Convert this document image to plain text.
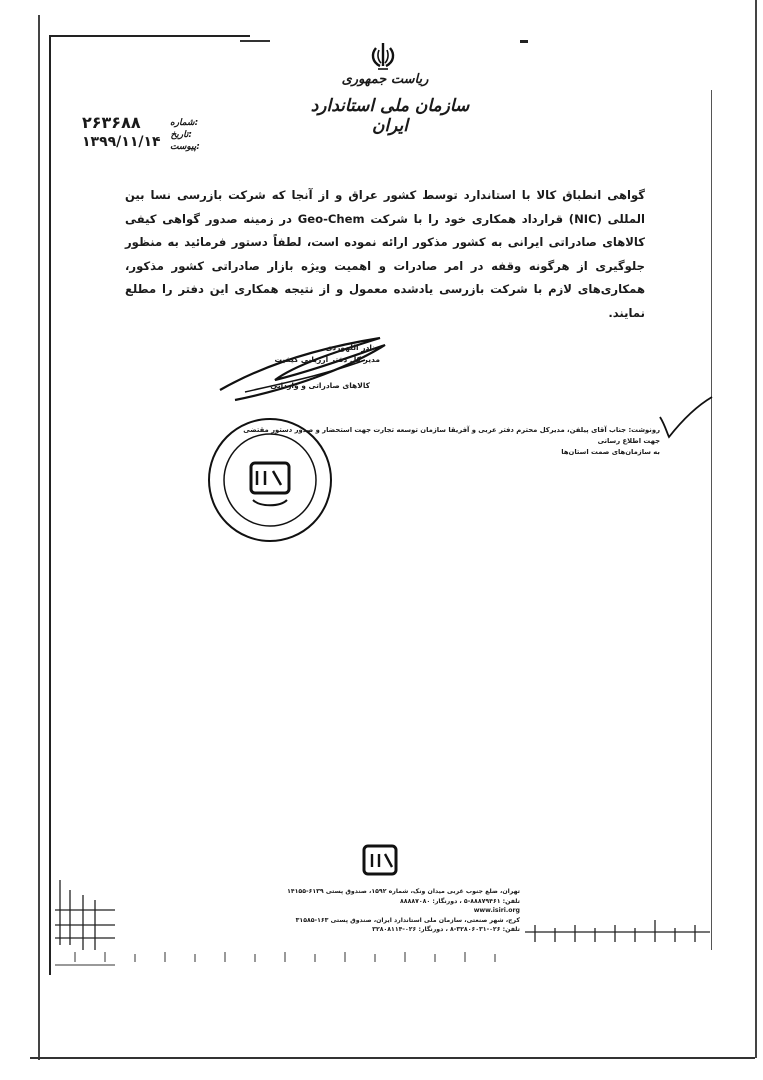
ریاست جمهوری
سازمان ملی استاندارد ایران
۲۶۳۶۸۸
۱۳۹۹/۱۱/۱۴
شماره:
تاریخ:
پیوست:
گواهی انطباق کالا با استاندارد توسط کشور عراق و از آنجا که شرکت بازرسی نسا بین المللی (NIC) قرارداد همکاری خود را با شرکت Geo-Chem در زمینه صدور گواهی کیفی کالاهای صادراتی ایرانی به کشور مذکور ارائه نموده است، لطفاً دستور فرمائید به منظور جلوگیری از هرگونه وقفه در امر صادرات و اهمیت ویژه بازار صادراتی کشور مذکور، همکاری‌های لازم با شرکت بازرسی یادشده معمول و از نتیجه همکاری این دفتر را مطلع نمایند.
نادر اللهوردی
مدیر کل دفتر ارزیابی کیفیت
کالاهای صادراتی و وارداتی
رونوشت: جناب آقای پیلفن، مدیرکل محترم دفتر عربی و آفریقا سازمان توسعه تجارت جهت استحضار و صدور دستور مقتضی جهت اطلاع رسانی
به سازمان‌های صمت استان‌ها
تهران، ضلع جنوب غربی میدان ونک، شماره ۱۵۹۲، صندوق پستی ۶۱۳۹-۱۴۱۵۵
تلفن: ۸۸۸۷۹۴۶۱-۵ ، دورنگار: ۸۸۸۸۷۰۸۰
www.isiri.org
کرج، شهر صنعتی، سازمان ملی استاندارد ایران، صندوق پستی ۱۶۳-۳۱۵۸۵
تلفن: ۰۲۶-۳۲۸۰۶۰۳۱-۸ ، دورنگار: ۰۲۶-۳۲۸۰۸۱۱۴
